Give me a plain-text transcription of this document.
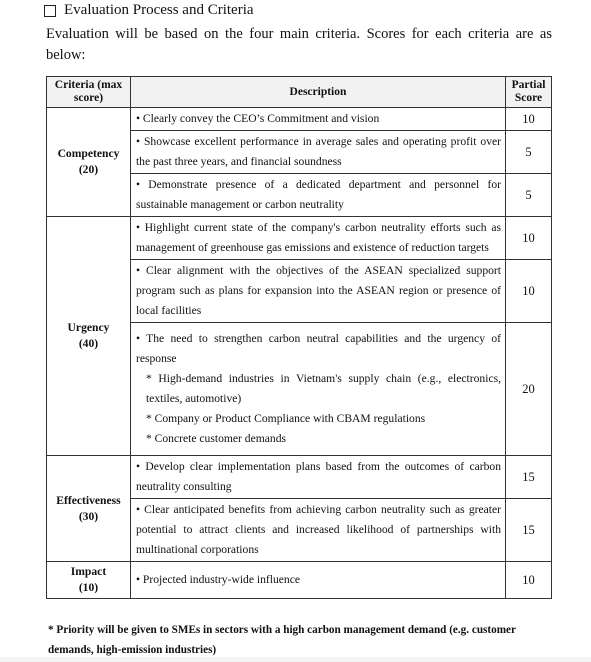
Evaluation Process and Criteria
Evaluation will be based on the four main criteria. Scores for each criteria are as below:
Criteria (max score)	Description	Partial Score

Competency
(20)	• Clearly convey the CEO’s Commitment and vision	10
	• Showcase excellent performance in average sales and operating profit over the past three years, and financial soundness	5
	• Demonstrate presence of a dedicated department and personnel for sustainable management or carbon neutrality	5

Urgency
(40)	• Highlight current state of the company's carbon neutrality efforts such as management of greenhouse gas emissions and existence of reduction targets	10
	• Clear alignment with the objectives of the ASEAN specialized support program such as plans for expansion into the ASEAN region or presence of local facilities	10
	• The need to strengthen carbon neutral capabilities and the urgency of response
* High-demand industries in Vietnam's supply chain (e.g., electronics, textiles, automotive)
* Company or Product Compliance with CBAM regulations
* Concrete customer demands	20

Effectiveness
(30)	• Develop clear implementation plans based from the outcomes of carbon neutrality consulting	15
	• Clear anticipated benefits from achieving carbon neutrality such as greater potential to attract clients and increased likelihood of partnerships with multinational corporations	15

Impact
(10)	• Projected industry-wide influence	10
* Priority will be given to SMEs in sectors with a high carbon management demand (e.g. customer demands, high-emission industries)
